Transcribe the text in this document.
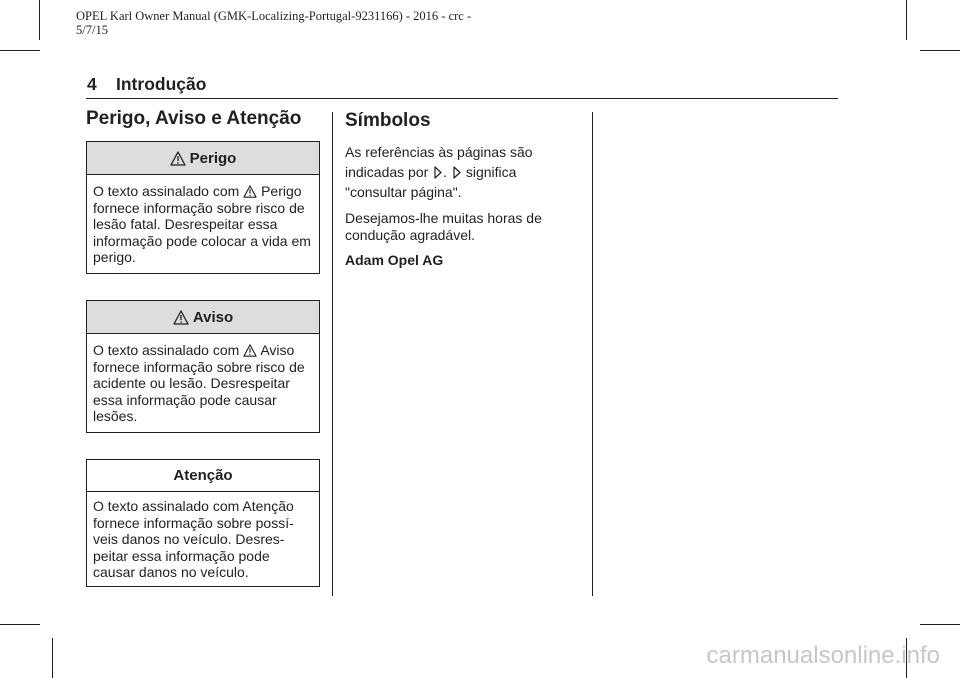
OPEL Karl Owner Manual (GMK-Localizing-Portugal-9231166) - 2016 - crc -
5/7/15
4 Introdução
Perigo, Aviso e Atenção
Perigo
O texto assinalado com Perigo fornece informação sobre risco de lesão fatal. Desrespeitar essa informação pode colocar a vida em perigo.
Aviso
O texto assinalado com Aviso fornece informação sobre risco de acidente ou lesão. Desrespeitar essa informação pode causar lesões.
Atenção
O texto assinalado com Atenção fornece informação sobre possí‑ veis danos no veículo. Desres‑ peitar essa informação pode causar danos no veículo.
Símbolos

As referências às páginas são
indicadas por . significa
"consultar página".

Desejamos-lhe muitas horas de condução agradável.

Adam Opel AG

carmanualsonline.info
